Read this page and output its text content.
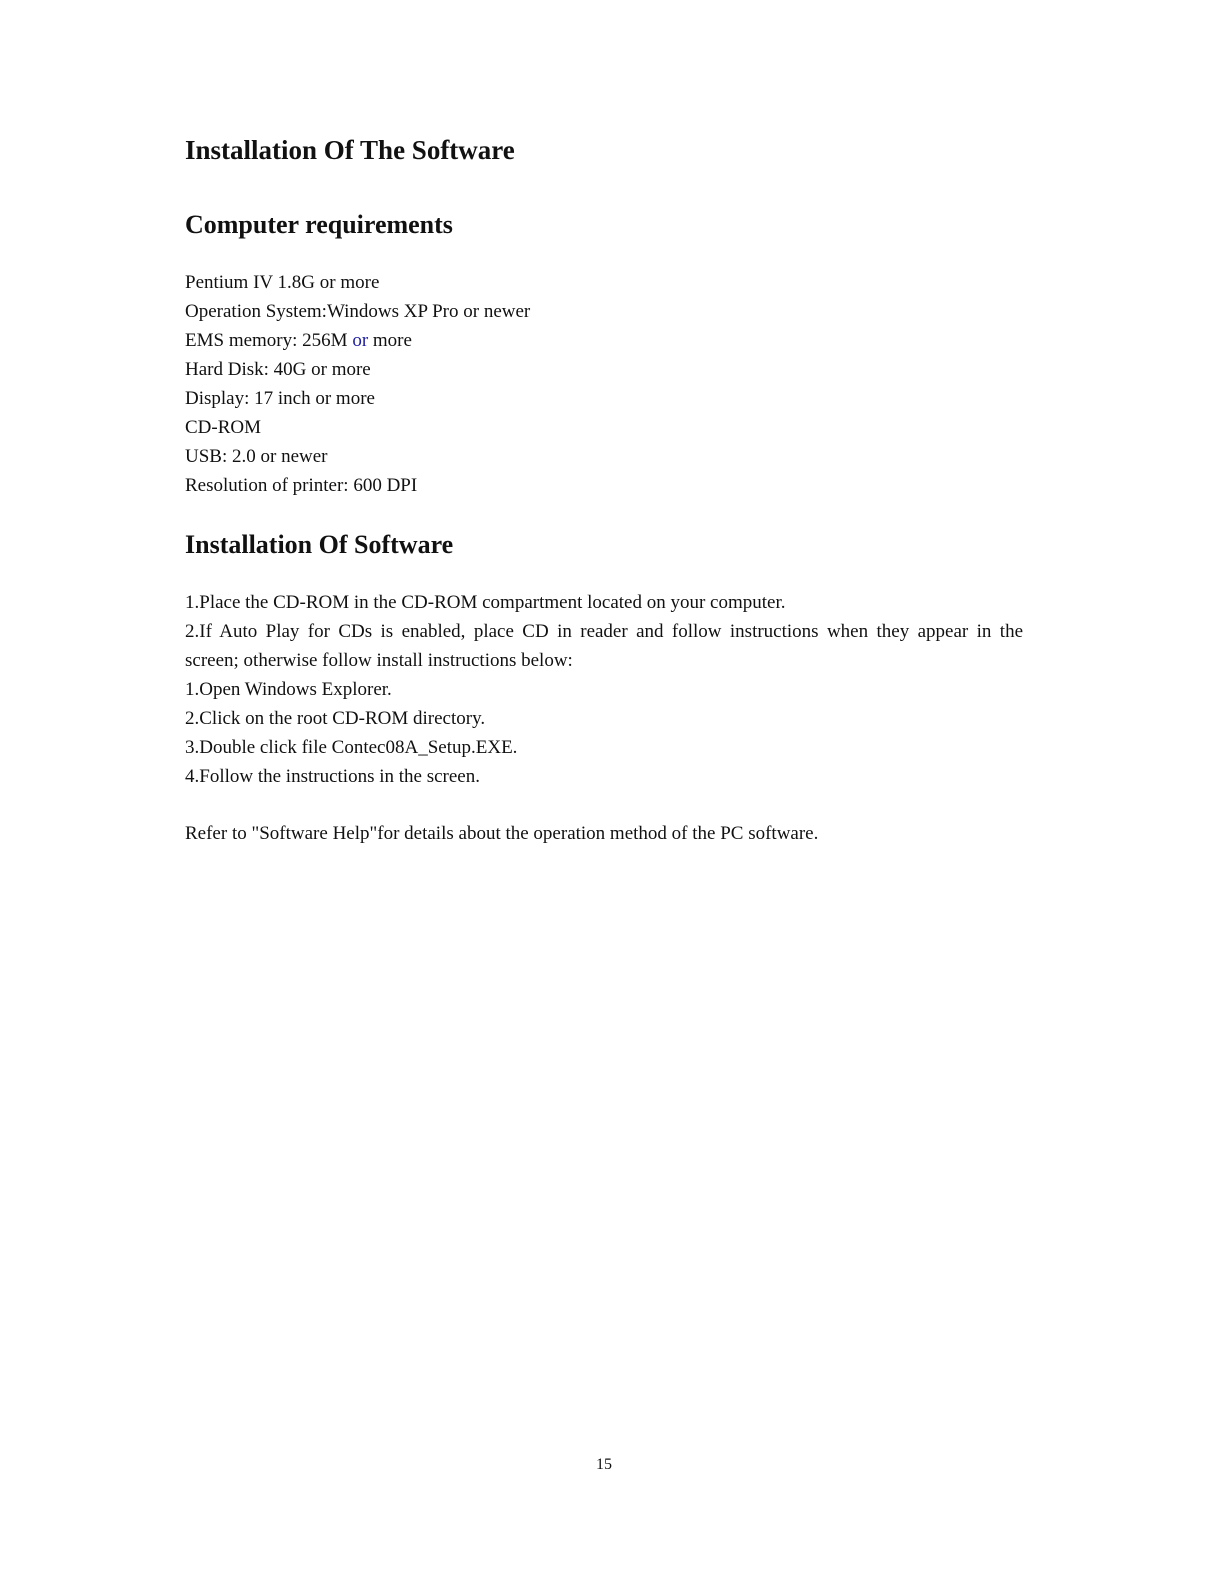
Installation Of The Software
Computer requirements
Pentium IV 1.8G or more
Operation System:Windows XP Pro or newer
EMS memory: 256M or more
Hard Disk: 40G or more
Display: 17 inch or more
CD-ROM
USB: 2.0 or newer
Resolution of printer: 600 DPI
Installation Of Software
1.Place the CD-ROM in the CD-ROM compartment located on your computer.
2.If Auto Play for CDs is enabled, place CD in reader and follow instructions when they appear in the
screen; otherwise follow install instructions below:
1.Open Windows Explorer.
2.Click on the root CD-ROM directory.
3.Double click file Contec08A_Setup.EXE.
4.Follow the instructions in the screen.
Refer to "Software Help"for details about the operation method of the PC software.
15
